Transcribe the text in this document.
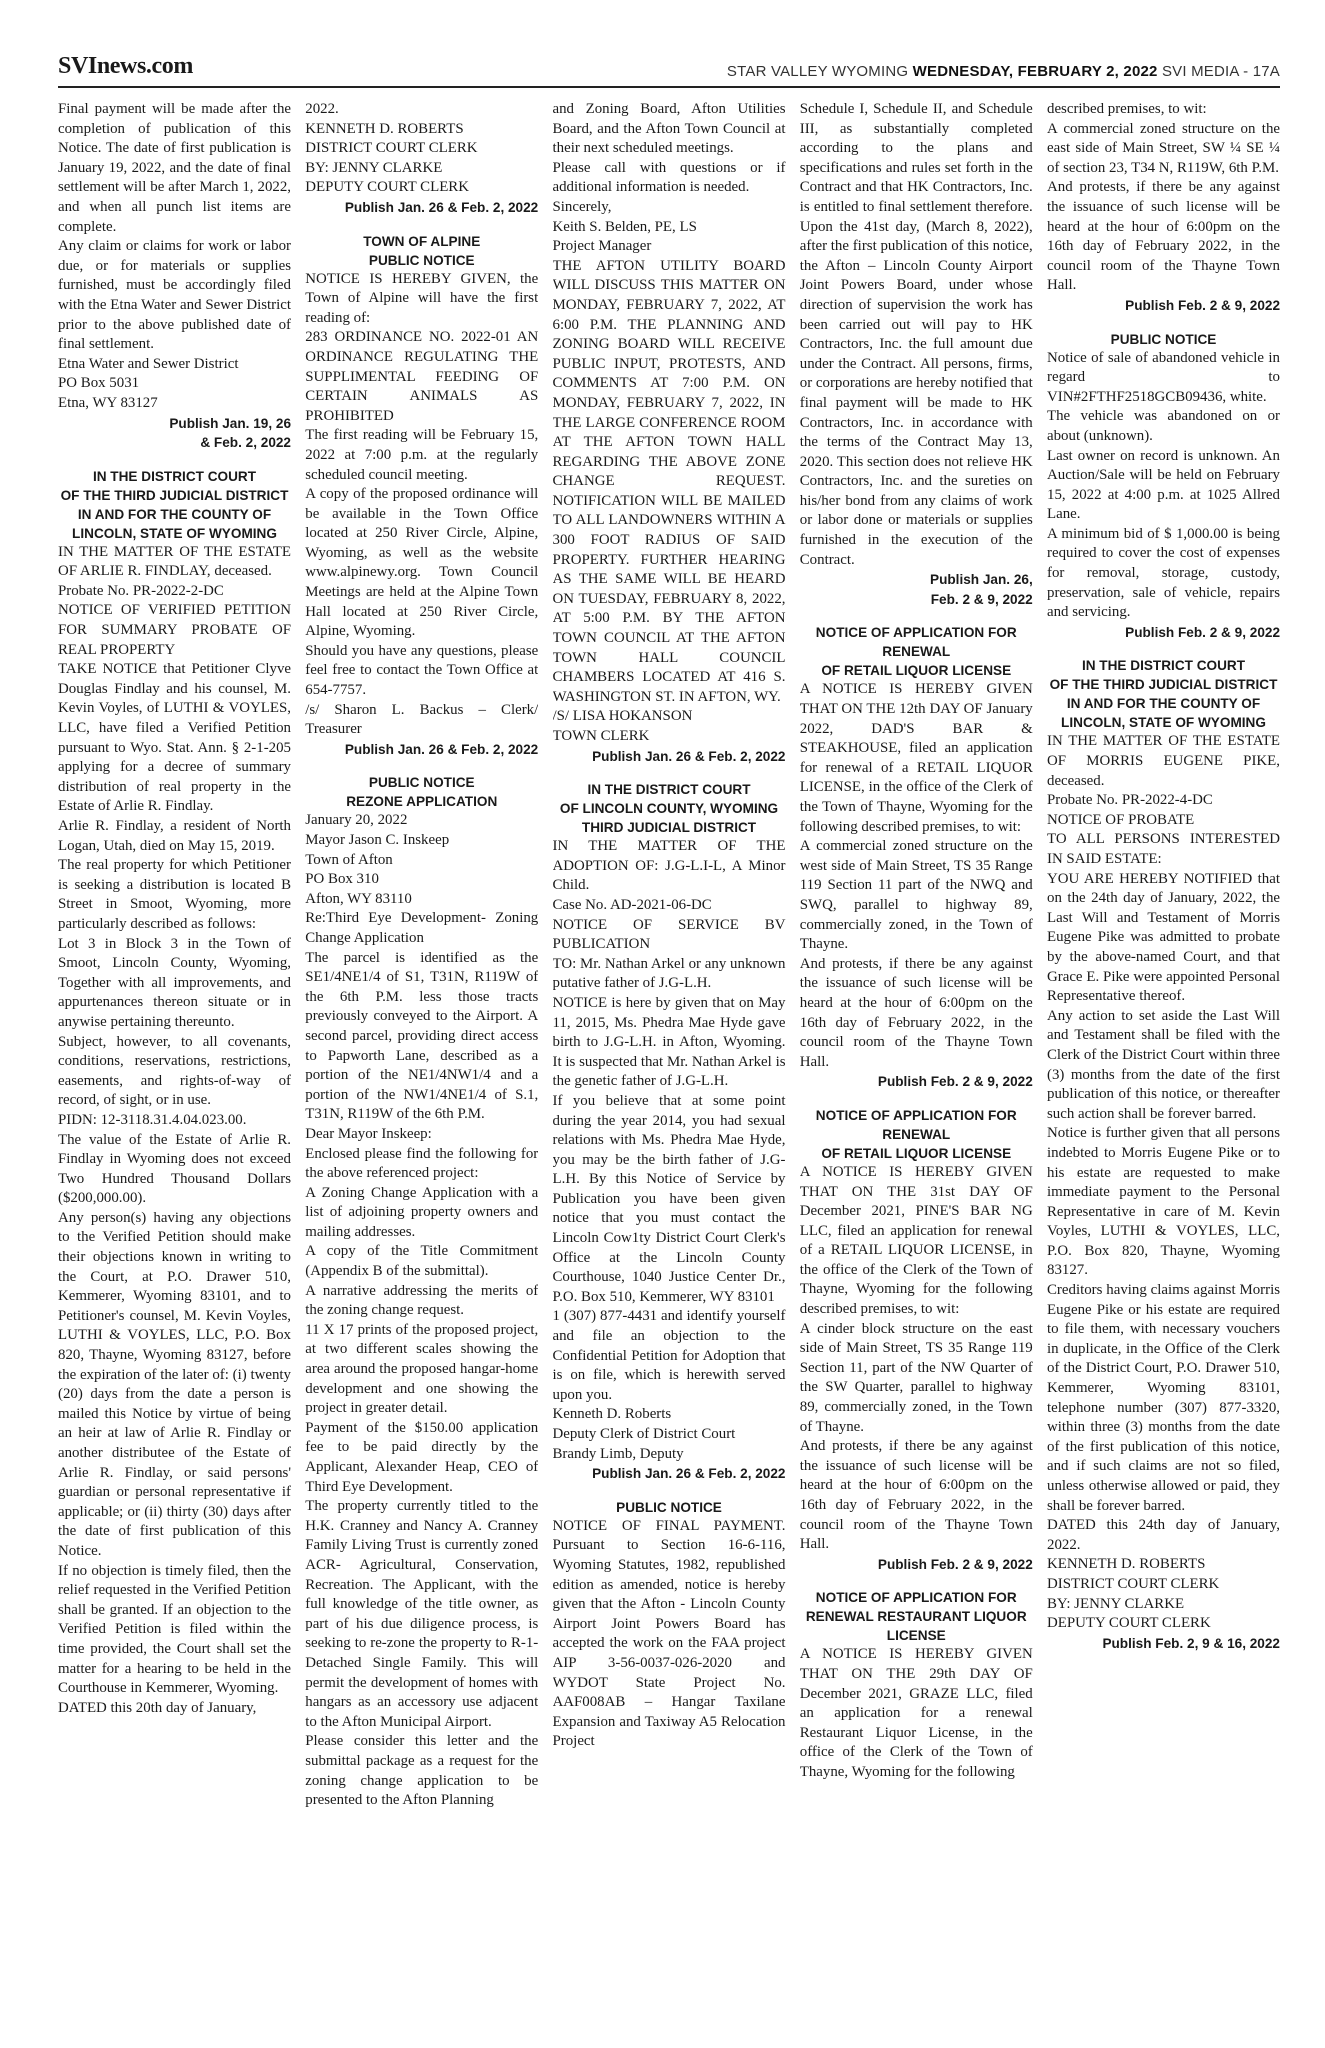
SVInews.com	STAR VALLEY WYOMING WEDNESDAY, FEBRUARY 2, 2022 SVI MEDIA - 17A

Final payment will be made after the completion of publication of this Notice. The date of first publication is January 19, 2022, and the date of final settlement will be after March 1, 2022, and when all punch list items are complete.

Any claim or claims for work or labor due, or for materials or supplies furnished, must be accordingly filed with the Etna Water and Sewer District prior to the above published date of final settlement.

Etna Water and Sewer District

PO Box 5031

Etna, WY 83127

Publish Jan. 19, 26

& Feb. 2, 2022

IN THE DISTRICT COURT

OF THE THIRD JUDICIAL DISTRICT

IN AND FOR THE COUNTY OF LINCOLN, STATE OF WYOMING

IN THE MATTER OF THE ESTATE OF ARLIE R. FINDLAY, deceased.

Probate No. PR-2022-2-DC

NOTICE OF VERIFIED PETITION FOR SUMMARY PROBATE OF REAL PROPERTY

TAKE NOTICE that Petitioner Clyve Douglas Findlay and his counsel, M. Kevin Voyles, of LUTHI & VOYLES, LLC, have filed a Verified Petition pursuant to Wyo. Stat. Ann. § 2-1-205 applying for a decree of summary distribution of real property in the Estate of Arlie R. Findlay.

Arlie R. Findlay, a resident of North Logan, Utah, died on May 15, 2019.

The real property for which Petitioner is seeking a distribution is located B Street in Smoot, Wyoming, more particularly described as follows:

Lot 3 in Block 3 in the Town of Smoot, Lincoln County, Wyoming, Together with all improvements, and appurtenances thereon situate or in anywise pertaining thereunto.

Subject, however, to all covenants, conditions, reservations, restrictions, easements, and rights-of-way of record, of sight, or in use.

PIDN: 12-3118.31.4.04.023.00.

The value of the Estate of Arlie R. Findlay in Wyoming does not exceed Two Hundred Thousand Dollars ($200,000.00).

Any person(s) having any objections to the Verified Petition should make their objections known in writing to the Court, at P.O. Drawer 510, Kemmerer, Wyoming 83101, and to Petitioner's counsel, M. Kevin Voyles, LUTHI & VOYLES, LLC, P.O. Box 820, Thayne, Wyoming 83127, before the expiration of the later of: (i) twenty (20) days from the date a person is mailed this Notice by virtue of being an heir at law of Arlie R. Findlay or another distributee of the Estate of Arlie R. Findlay, or said persons' guardian or personal representative if applicable; or (ii) thirty (30) days after the date of first publication of this Notice.

If no objection is timely filed, then the relief requested in the Verified Petition shall be granted. If an objection to the Verified Petition is filed within the time provided, the Court shall set the matter for a hearing to be held in the Courthouse in Kemmerer, Wyoming.

DATED this 20th day of January,

2022.

KENNETH D. ROBERTS

DISTRICT COURT CLERK

BY: JENNY CLARKE

DEPUTY COURT CLERK

Publish Jan. 26 & Feb. 2, 2022

TOWN OF ALPINE

PUBLIC NOTICE

NOTICE IS HEREBY GIVEN, the Town of Alpine will have the first reading of:

283 ORDINANCE NO. 2022-01 AN ORDINANCE REGULATING THE SUPPLIMENTAL FEEDING OF CERTAIN ANIMALS AS PROHIBITED

The first reading will be February 15, 2022 at 7:00 p.m. at the regularly scheduled council meeting.

A copy of the proposed ordinance will be available in the Town Office located at 250 River Circle, Alpine, Wyoming, as well as the website www.alpinewy.org. Town Council Meetings are held at the Alpine Town Hall located at 250 River Circle, Alpine, Wyoming.

Should you have any questions, please feel free to contact the Town Office at 654-7757.

/s/ Sharon L. Backus – Clerk/ Treasurer

Publish Jan. 26 & Feb. 2, 2022

PUBLIC NOTICE

REZONE APPLICATION

January 20, 2022

Mayor Jason C. Inskeep

Town of Afton

PO Box 310

Afton, WY 83110

Re:Third Eye Development- Zoning Change Application

The parcel is identified as the SE1/4NE1/4 of S1, T31N, R119W of the 6th P.M. less those tracts previously conveyed to the Airport. A second parcel, providing direct access to Papworth Lane, described as a portion of the NE1/4NW1/4 and a portion of the NW1/4NE1/4 of S.1, T31N, R119W of the 6th P.M.

Dear Mayor Inskeep:

Enclosed please find the following for the above referenced project:

A Zoning Change Application with a list of adjoining property owners and mailing addresses.

A copy of the Title Commitment (Appendix B of the submittal).

A narrative addressing the merits of the zoning change request.

11 X 17 prints of the proposed project, at two different scales showing the area around the proposed hangar-home development and one showing the project in greater detail.

Payment of the $150.00 application fee to be paid directly by the Applicant, Alexander Heap, CEO of Third Eye Development.

The property currently titled to the H.K. Cranney and Nancy A. Cranney Family Living Trust is currently zoned ACR- Agricultural, Conservation, Recreation. The Applicant, with the full knowledge of the title owner, as part of his due diligence process, is seeking to re-zone the property to R-1- Detached Single Family. This will permit the development of homes with hangars as an accessory use adjacent to the Afton Municipal Airport.

Please consider this letter and the submittal package as a request for the zoning change application to be presented to the Afton Planning

and Zoning Board, Afton Utilities Board, and the Afton Town Council at their next scheduled meetings.

Please call with questions or if additional information is needed.

Sincerely,

Keith S. Belden, PE, LS

Project Manager

THE AFTON UTILITY BOARD WILL DISCUSS THIS MATTER ON MONDAY, FEBRUARY 7, 2022, AT 6:00 P.M. THE PLANNING AND ZONING BOARD WILL RECEIVE PUBLIC INPUT, PROTESTS, AND COMMENTS AT 7:00 P.M. ON MONDAY, FEBRUARY 7, 2022, IN THE LARGE CONFERENCE ROOM AT THE AFTON TOWN HALL REGARDING THE ABOVE ZONE CHANGE REQUEST. NOTIFICATION WILL BE MAILED TO ALL LANDOWNERS WITHIN A 300 FOOT RADIUS OF SAID PROPERTY. FURTHER HEARING AS THE SAME WILL BE HEARD ON TUESDAY, FEBRUARY 8, 2022, AT 5:00 P.M. BY THE AFTON TOWN COUNCIL AT THE AFTON TOWN HALL COUNCIL CHAMBERS LOCATED AT 416 S. WASHINGTON ST. IN AFTON, WY.

/S/ LISA HOKANSON

TOWN CLERK

Publish Jan. 26 & Feb. 2, 2022

IN THE DISTRICT COURT

OF LINCOLN COUNTY, WYOMING

THIRD JUDICIAL DISTRICT

IN THE MATTER OF THE ADOPTION OF: J.G-L.I-L, A Minor Child.

Case No. AD-2021-06-DC

NOTICE OF SERVICE BV PUBLICATION

TO: Mr. Nathan Arkel or any unknown putative father of J.G-L.H.

NOTICE is here by given that on May 11, 2015, Ms. Phedra Mae Hyde gave birth to J.G-L.H. in Afton, Wyoming. It is suspected that Mr. Nathan Arkel is the genetic father of J.G-L.H.

If you believe that at some point during the year 2014, you had sexual relations with Ms. Phedra Mae Hyde, you may be the birth father of J.G-L.H. By this Notice of Service by Publication you have been given notice that you must contact the Lincoln Cow1ty District Court Clerk's Office at the Lincoln County Courthouse, 1040 Justice Center Dr., P.O. Box 510, Kemmerer, WY 83101

1 (307) 877-4431 and identify yourself and file an objection to the Confidential Petition for Adoption that is on file, which is herewith served upon you.

Kenneth D. Roberts

Deputy Clerk of District Court

Brandy Limb, Deputy

Publish Jan. 26 & Feb. 2, 2022

PUBLIC NOTICE

NOTICE OF FINAL PAYMENT. Pursuant to Section 16-6-116, Wyoming Statutes, 1982, republished edition as amended, notice is hereby given that the Afton - Lincoln County Airport Joint Powers Board has accepted the work on the FAA project AIP 3-56-0037-026-2020 and WYDOT State Project No. AAF008AB – Hangar Taxilane Expansion and Taxiway A5 Relocation Project

Schedule I, Schedule II, and Schedule III, as substantially completed according to the plans and specifications and rules set forth in the Contract and that HK Contractors, Inc. is entitled to final settlement therefore. Upon the 41st day, (March 8, 2022), after the first publication of this notice, the Afton – Lincoln County Airport Joint Powers Board, under whose direction of supervision the work has been carried out will pay to HK Contractors, Inc. the full amount due under the Contract. All persons, firms, or corporations are hereby notified that final payment will be made to HK Contractors, Inc. in accordance with the terms of the Contract May 13, 2020. This section does not relieve HK Contractors, Inc. and the sureties on his/her bond from any claims of work or labor done or materials or supplies furnished in the execution of the Contract.

Publish Jan. 26,

Feb. 2 & 9, 2022

NOTICE OF APPLICATION FOR RENEWAL

OF RETAIL LIQUOR LICENSE

A NOTICE IS HEREBY GIVEN THAT ON THE 12th DAY OF January 2022, DAD'S BAR & STEAKHOUSE, filed an application for renewal of a RETAIL LIQUOR LICENSE, in the office of the Clerk of the Town of Thayne, Wyoming for the following described premises, to wit:

A commercial zoned structure on the west side of Main Street, TS 35 Range 119 Section 11 part of the NWQ and SWQ, parallel to highway 89, commercially zoned, in the Town of Thayne.

And protests, if there be any against the issuance of such license will be heard at the hour of 6:00pm on the 16th day of February 2022, in the council room of the Thayne Town Hall.

Publish Feb. 2 & 9, 2022

NOTICE OF APPLICATION FOR RENEWAL

OF RETAIL LIQUOR LICENSE

A NOTICE IS HEREBY GIVEN THAT ON THE 31st DAY OF December 2021, PINE'S BAR NG LLC, filed an application for renewal of a RETAIL LIQUOR LICENSE, in the office of the Clerk of the Town of Thayne, Wyoming for the following described premises, to wit:

A cinder block structure on the east side of Main Street, TS 35 Range 119 Section 11, part of the NW Quarter of the SW Quarter, parallel to highway 89, commercially zoned, in the Town of Thayne.

And protests, if there be any against the issuance of such license will be heard at the hour of 6:00pm on the 16th day of February 2022, in the council room of the Thayne Town Hall.

Publish Feb. 2 & 9, 2022

NOTICE OF APPLICATION FOR

RENEWAL RESTAURANT LIQUOR LICENSE

A NOTICE IS HEREBY GIVEN THAT ON THE 29th DAY OF December 2021, GRAZE LLC, filed an application for a renewal Restaurant Liquor License, in the office of the Clerk of the Town of Thayne, Wyoming for the following

described premises, to wit:

A commercial zoned structure on the east side of Main Street, SW ¼ SE ¼ of section 23, T34 N, R119W, 6th P.M.

And protests, if there be any against the issuance of such license will be heard at the hour of 6:00pm on the 16th day of February 2022, in the council room of the Thayne Town Hall.

Publish Feb. 2 & 9, 2022

PUBLIC NOTICE

Notice of sale of abandoned vehicle in regard to VIN#2FTHF2518GCB09436, white.

The vehicle was abandoned on or about (unknown).

Last owner on record is unknown. An Auction/Sale will be held on February 15, 2022 at 4:00 p.m. at 1025 Allred Lane.

A minimum bid of $ 1,000.00 is being required to cover the cost of expenses for removal, storage, custody, preservation, sale of vehicle, repairs and servicing.

Publish Feb. 2 & 9, 2022

IN THE DISTRICT COURT

OF THE THIRD JUDICIAL DISTRICT

IN AND FOR THE COUNTY OF LINCOLN, STATE OF WYOMING

IN THE MATTER OF THE ESTATE OF MORRIS EUGENE PIKE, deceased.

Probate No. PR-2022-4-DC

NOTICE OF PROBATE

TO ALL PERSONS INTERESTED IN SAID ESTATE:

YOU ARE HEREBY NOTIFIED that on the 24th day of January, 2022, the Last Will and Testament of Morris Eugene Pike was admitted to probate by the above-named Court, and that Grace E. Pike were appointed Personal Representative thereof.

Any action to set aside the Last Will and Testament shall be filed with the Clerk of the District Court within three (3) months from the date of the first publication of this notice, or thereafter such action shall be forever barred.

Notice is further given that all persons indebted to Morris Eugene Pike or to his estate are requested to make immediate payment to the Personal Representative in care of M. Kevin Voyles, LUTHI & VOYLES, LLC, P.O. Box 820, Thayne, Wyoming 83127.

Creditors having claims against Morris Eugene Pike or his estate are required to file them, with necessary vouchers in duplicate, in the Office of the Clerk of the District Court, P.O. Drawer 510, Kemmerer, Wyoming 83101, telephone number (307) 877-3320, within three (3) months from the date of the first publication of this notice, and if such claims are not so filed, unless otherwise allowed or paid, they shall be forever barred.

DATED this 24th day of January, 2022.

KENNETH D. ROBERTS

DISTRICT COURT CLERK

BY: JENNY CLARKE

DEPUTY COURT CLERK

Publish Feb. 2, 9 & 16, 2022
